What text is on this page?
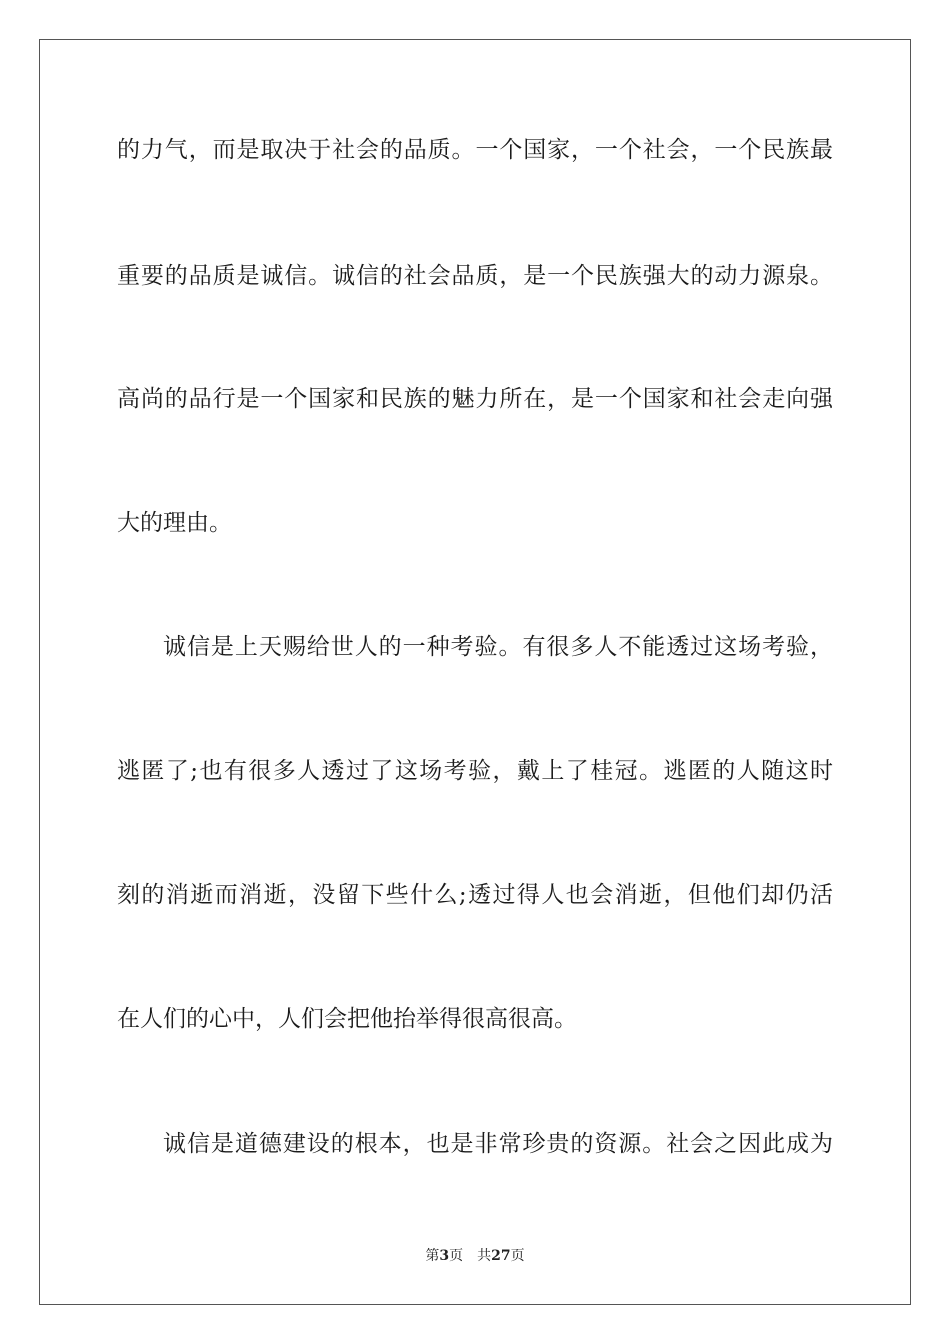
的力气，而是取决于社会的品质。一个国家，一个社会，一个民族最
重要的品质是诚信。诚信的社会品质，是一个民族强大的动力源泉。
高尚的品行是一个国家和民族的魅力所在，是一个国家和社会走向强
大的理由。
诚信是上天赐给世人的一种考验。有很多人不能透过这场考验，
逃匿了;也有很多人透过了这场考验，戴上了桂冠。逃匿的人随这时
刻的消逝而消逝，没留下些什么;透过得人也会消逝，但他们却仍活
在人们的心中，人们会把他抬举得很高很高。
诚信是道德建设的根本，也是非常珍贵的资源。社会之因此成为
第3页 共27页
